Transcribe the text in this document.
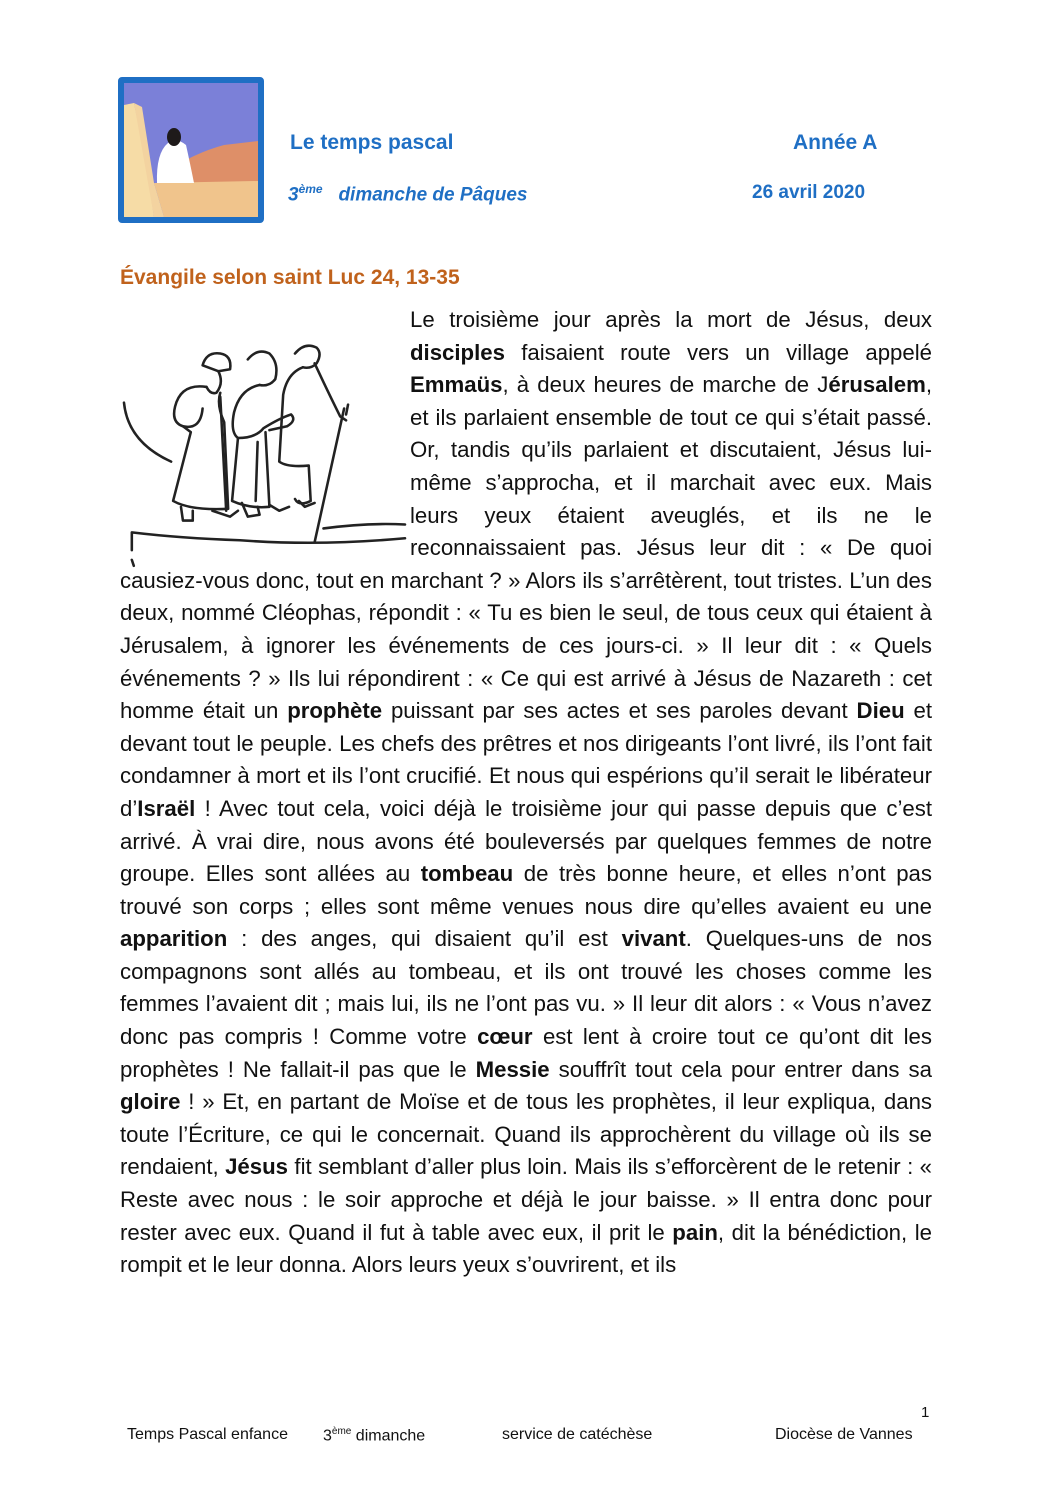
Le temps pascal	Année A
3ème dimanche de Pâques	26 avril 2020
Évangile selon saint Luc 24, 13-35
Le troisième jour après la mort de Jésus, deux disciples faisaient route vers un village appelé Emmaüs, à deux heures de marche de Jérusalem, et ils parlaient ensemble de tout ce qui s’était passé. Or, tandis qu’ils parlaient et discutaient, Jésus lui-même s’approcha, et il marchait avec eux. Mais leurs yeux étaient aveuglés, et ils ne le reconnaissaient pas. Jésus leur dit : « De quoi causiez-vous donc, tout en marchant ? » Alors ils s’arrêtèrent, tout tristes. L’un des deux, nommé Cléophas, répondit : « Tu es bien le seul, de tous ceux qui étaient à Jérusalem, à ignorer les événements de ces jours-ci. » Il leur dit : « Quels événements ? » Ils lui répondirent : « Ce qui est arrivé à Jésus de Nazareth : cet homme était un prophète puissant par ses actes et ses paroles devant Dieu et devant tout le peuple. Les chefs des prêtres et nos dirigeants l’ont livré, ils l’ont fait condamner à mort et ils l’ont crucifié. Et nous qui espérions qu’il serait le libérateur d’Israël ! Avec tout cela, voici déjà le troisième jour qui passe depuis que c’est arrivé. À vrai dire, nous avons été bouleversés par quelques femmes de notre groupe. Elles sont allées au tombeau de très bonne heure, et elles n’ont pas trouvé son corps ; elles sont même venues nous dire qu’elles avaient eu une apparition : des anges, qui disaient qu’il est vivant. Quelques-uns de nos compagnons sont allés au tombeau, et ils ont trouvé les choses comme les femmes l’avaient dit ; mais lui, ils ne l’ont pas vu. » Il leur dit alors : « Vous n’avez donc pas compris ! Comme votre cœur est lent à croire tout ce qu’ont dit les prophètes ! Ne fallait-il pas que le Messie souffrît tout cela pour entrer dans sa gloire ! » Et, en partant de Moïse et de tous les prophètes, il leur expliqua, dans toute l’Écriture, ce qui le concernait. Quand ils approchèrent du village où ils se rendaient, Jésus fit semblant d’aller plus loin. Mais ils s’efforcèrent de le retenir : « Reste avec nous : le soir approche et déjà le jour baisse. » Il entra donc pour rester avec eux. Quand il fut à table avec eux, il prit le pain, dit la bénédiction, le rompit et le leur donna. Alors leurs yeux s’ouvrirent, et ils
1
Temps Pascal enfance 3ème dimanche	service de catéchèse	Diocèse de Vannes
